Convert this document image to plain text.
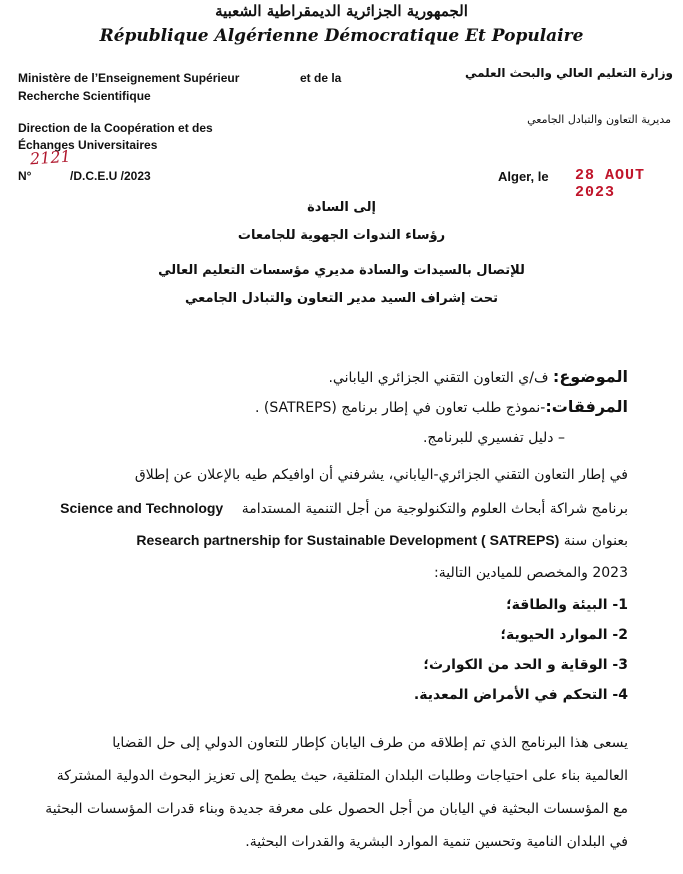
الجمهورية الجزائرية الديمقراطية الشعبية
République Algérienne Démocratique Et Populaire
Ministère de l’Enseignement Supérieur	et de la
Recherche Scientifique
Direction de la Coopération et des
Échanges Universitaires
2121
N°	/D.C.E.U /2023
وزارة التعليم العالي والبحث العلمي
مديرية التعاون والتبادل الجامعي
Alger, le 28 AOUT 2023
إلى السادة
رؤساء الندوات الجهوية للجامعات
للإتصال بالسيدات والسادة مديري مؤسسات التعليم العالي
تحت إشراف السيد مدير التعاون والتبادل الجامعي
الموضوع: ف/ي التعاون التقني الجزائري الياباني.
المرفقات:-نموذج طلب تعاون في إطار برنامج (SATREPS) .
– دليل تفسيري للبرنامج.
في إطار التعاون التقني الجزائري-الياباني، يشرفني أن اوافيكم طيه بالإعلان عن إطلاق
برنامج شراكة أبحاث العلوم والتكنولوجية من أجل التنمية المستدامة Science and Technology
بعنوان سنة Research partnership for Sustainable Development ( SATREPS)
2023 والمخصص للميادين التالية:
1- البيئة والطاقة؛
2- الموارد الحيوية؛
3- الوقاية و الحد من الكوارث؛
4- التحكم في الأمراض المعدية.
يسعى هذا البرنامج الذي تم إطلاقه من طرف اليابان كإطار للتعاون الدولي إلى حل القضايا
العالمية بناء على احتياجات وطلبات البلدان المتلقية، حيث يطمح إلى تعزيز البحوث الدولية المشتركة
مع المؤسسات البحثية في اليابان من أجل الحصول على معرفة جديدة وبناء قدرات المؤسسات البحثية
في البلدان النامية وتحسين تنمية الموارد البشرية والقدرات البحثية.
